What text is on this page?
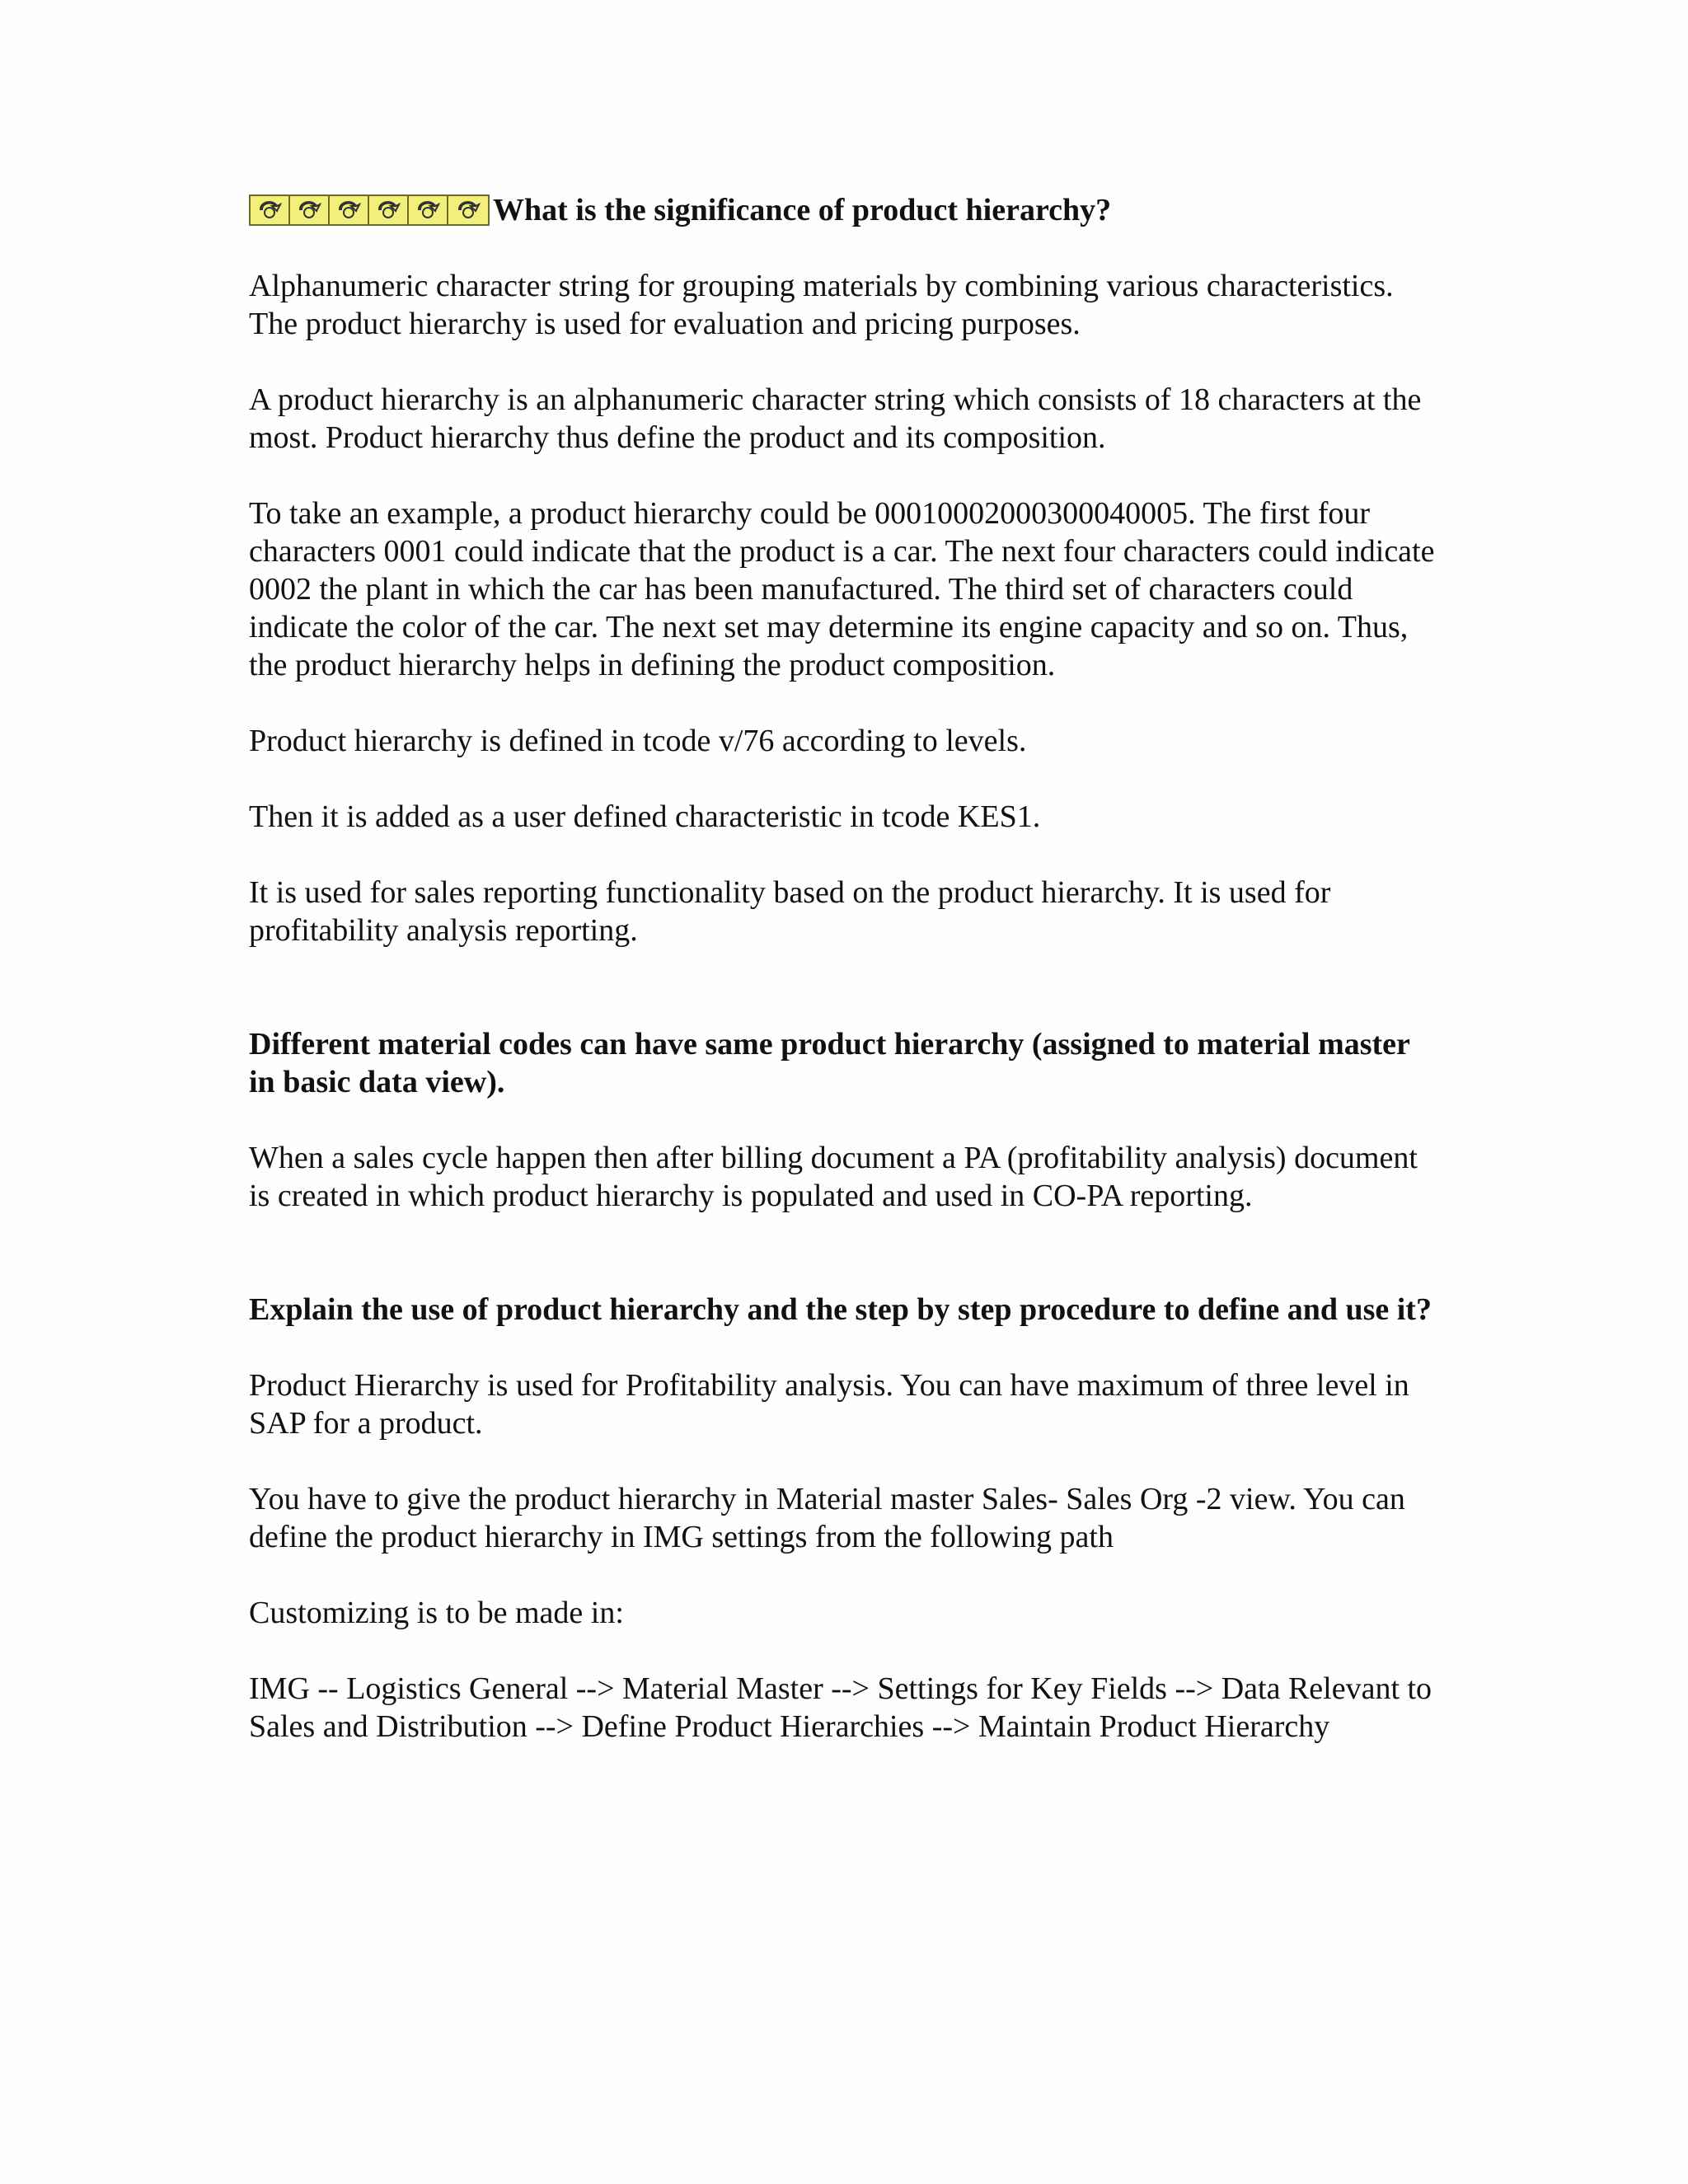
What is the significance of product hierarchy?

Alphanumeric character string for grouping materials by combining various characteristics. The product hierarchy is used for evaluation and pricing purposes.

A product hierarchy is an alphanumeric character string which consists of 18 characters at the most. Product hierarchy thus define the product and its composition.

To take an example, a product hierarchy could be 00010002000300040005. The first four characters 0001 could indicate that the product is a car. The next four characters could indicate 0002 the plant in which the car has been manufactured. The third set of characters could indicate the color of the car. The next set may determine its engine capacity and so on. Thus, the product hierarchy helps in defining the product composition.

Product hierarchy is defined in tcode v/76 according to levels.

Then it is added as a user defined characteristic in tcode KES1.

It is used for sales reporting functionality based on the product hierarchy. It is used for profitability analysis reporting.

Different material codes can have same product hierarchy (assigned to material master in basic data view).

When a sales cycle happen then after billing document a PA (profitability analysis) document is created in which product hierarchy is populated and used in CO-PA reporting.

Explain the use of product hierarchy and the step by step procedure to define and use it?

Product Hierarchy is used for Profitability analysis. You can have maximum of three level in SAP for a product.

You have to give the product hierarchy in Material master Sales- Sales Org -2 view. You can define the product hierarchy in IMG settings from the following path

Customizing is to be made in:

IMG -- Logistics General --> Material Master --> Settings for Key Fields --> Data Relevant to Sales and Distribution --> Define Product Hierarchies --> Maintain Product Hierarchy
